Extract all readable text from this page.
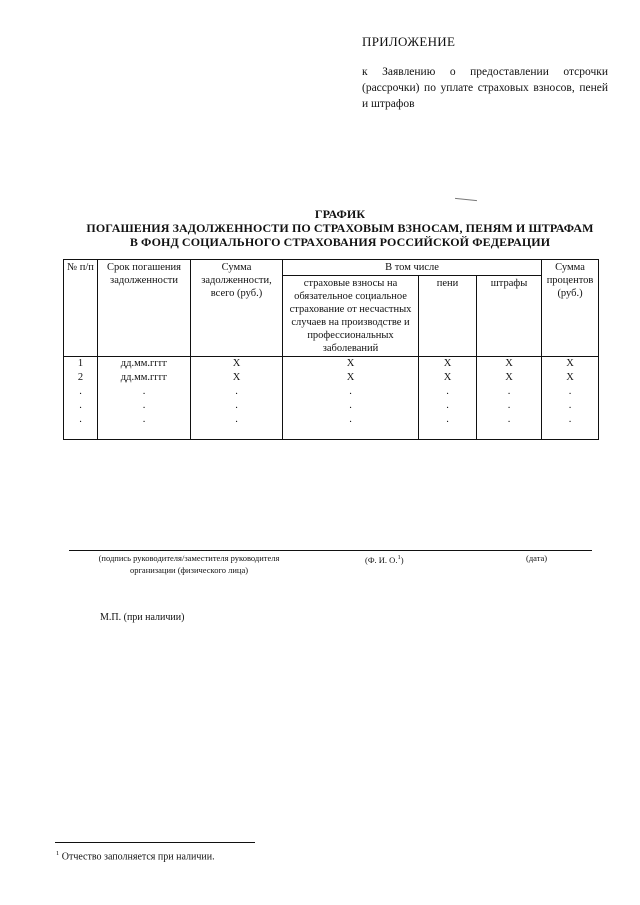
ПРИЛОЖЕНИЕ
к Заявлению о предоставлении отсрочки (рассрочки) по уплате страховых взносов, пеней и штрафов
ГРАФИК
ПОГАШЕНИЯ ЗАДОЛЖЕННОСТИ ПО СТРАХОВЫМ ВЗНОСАМ, ПЕНЯМ И ШТРАФАМ
В ФОНД СОЦИАЛЬНОГО СТРАХОВАНИЯ РОССИЙСКОЙ ФЕДЕРАЦИИ
№ п/п	Срок погашения задолженности	Сумма задолженности, всего (руб.)	В том числе			Сумма процентов (руб.)
			страховые взносы на обязательное социальное страхование от несчастных случаев на производстве и профессиональных заболеваний	пени	штрафы	
1	дд.мм.гггг	Х	Х	Х	Х	Х
2	дд.мм.гггг	Х	Х	Х	Х	Х
.	.	.	.	.	.	.
.	.	.	.	.	.	.
.	.	.	.	.	.	.
(подпись руководителя/заместителя руководителя организации (физического лица)
(Ф. И. О.$^1$)	(дата)
М.П. (при наличии)
$^1$ Отчество заполняется при наличии.
